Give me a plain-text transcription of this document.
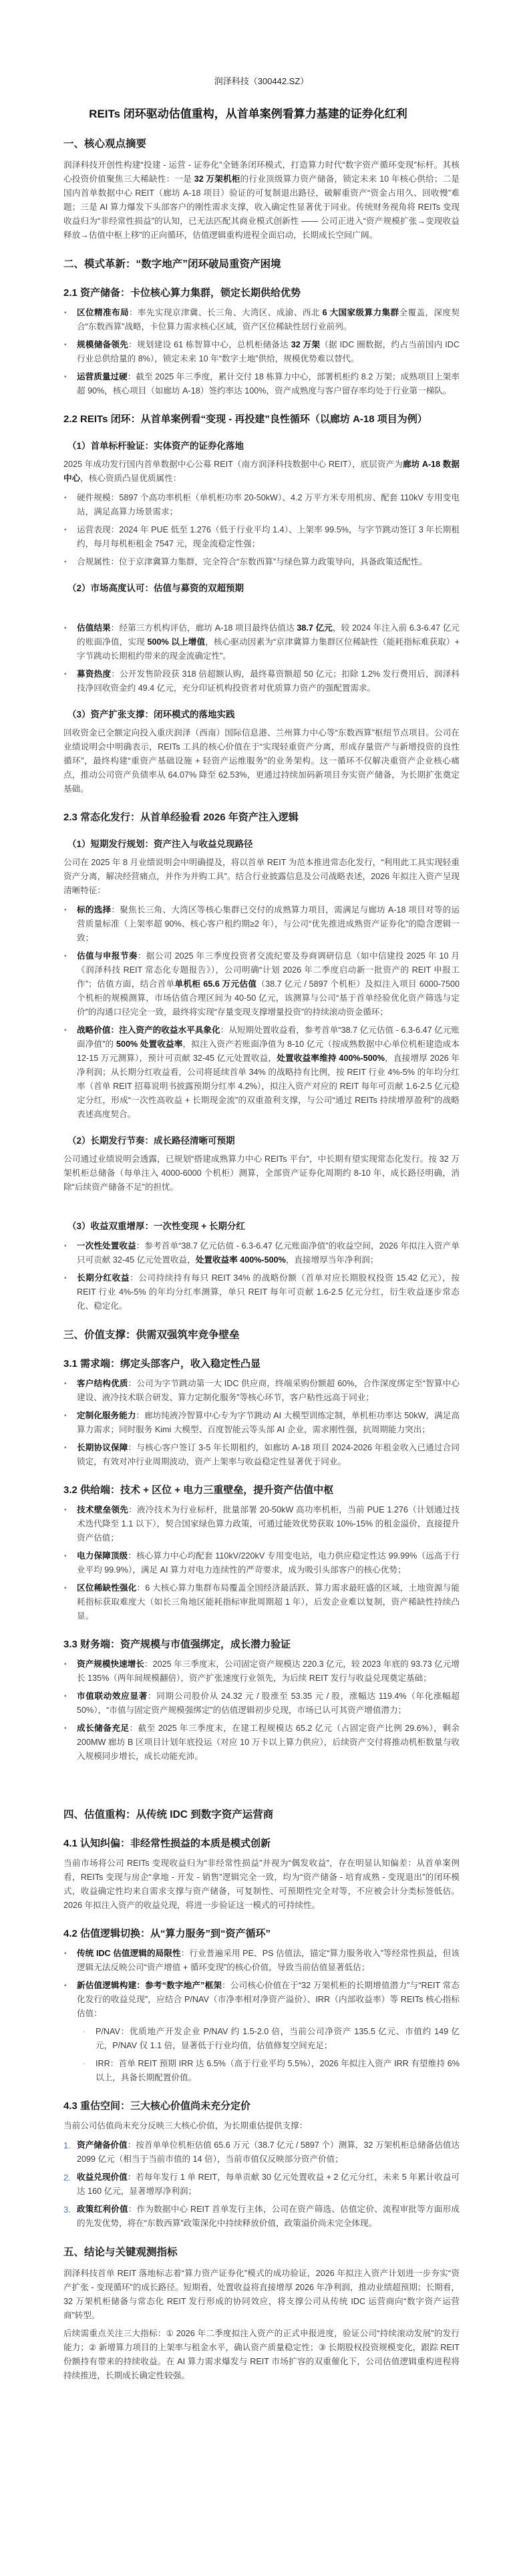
润泽科技（300442.SZ）
REITs 闭环驱动估值重构，从首单案例看算力基建的证券化红利
一、核心观点摘要
润泽科技开创性构建“投建 - 运营 - 证券化”全链条闭环模式，打造算力时代“数字资产循环变现”标杆。其核心投资价值聚焦三大稀缺性：一是 32 万架机柜的行业顶级算力资产储备，锁定未来 10 年核心供给；二是国内首单数据中心 REIT（廊坊 A-18 项目）验证的可复制退出路径，破解重资产“资金占用久、回收慢”难题；三是 AI 算力爆发下头部客户的刚性需求支撑，收入确定性显著优于同业。传统财务视角将 REITs 变现收益归为“非经常性损益”的认知，已无法匹配其商业模式创新性 —— 公司正进入“资产规模扩张→变现收益释放→估值中枢上移”的正向循环，估值逻辑重构进程全面启动，长期成长空间广阔。
二、模式革新：“数字地产”闭环破局重资产困境
2.1 资产储备：卡位核心算力集群，锁定长期供给优势
• 区位精准布局：率先实现京津冀、长三角、大湾区、成渝、西北 6 大国家级算力集群全覆盖，深度契合“东数西算”战略，卡位算力需求核心区域，资产区位稀缺性居行业前列。
• 规模储备领先：规划建设 61 栋智算中心，总机柜储备达 32 万架（据 IDC 圈数据，约占当前国内 IDC 行业总供给量的 8%），锁定未来 10 年“数字土地”供给，规模优势难以替代。
• 运营质量过硬：截至 2025 年三季度，累计交付 18 栋算力中心，部署机柜约 8.2 万架；成熟项目上架率超 90%，核心项目（如廊坊 A-18）签约率达 100%，资产成熟度与客户留存率均处于行业第一梯队。
2.2 REITs 闭环：从首单案例看“变现 - 再投建”良性循环（以廊坊 A-18 项目为例）
（1）首单标杆验证：实体资产的证券化落地
2025 年成功发行国内首单数据中心公募 REIT（南方润泽科技数据中心 REIT），底层资产为廊坊 A-18 数据中心，核心资质凸显优质属性：
• 硬件规模：5897 个高功率机柜（单机柜功率 20-50kW）、4.2 万平方米专用机房、配套 110kV 专用变电站，满足高算力场景需求；
• 运营表现：2024 年 PUE 低至 1.276（低于行业平均 1.4）、上架率 99.5%，与字节跳动签订 3 年长期租约，每月每机柜租金 7547 元，现金流稳定性强；
• 合规属性：位于京津冀算力集群，完全符合“东数西算”与绿色算力政策导向，具备政策适配性。
（2）市场高度认可：估值与募资的双超预期
• 估值结果：经第三方机构评估，廊坊 A-18 项目最终估值达 38.7 亿元，较 2024 年注入前 6.3-6.47 亿元的账面净值，实现 500% 以上增值，核心驱动因素为“京津冀算力集群区位稀缺性（能耗指标难获取）+ 字节跳动长期租约带来的现金流确定性”。
• 募资热度：公开发售阶段获 318 倍超额认购，最终募资额超 50 亿元；扣除 1.2% 发行费用后，润泽科技净回收资金约 49.4 亿元，充分印证机构投资者对优质算力资产的强配置需求。
（3）资产扩张支撑：闭环模式的落地实践
回收资金已全额定向投入重庆润泽（西南）国际信息港、兰州算力中心等“东数西算”枢纽节点项目。公司在业绩说明会中明确表示，REITs 工具的核心价值在于“实现轻重资产分离，形成存量资产与新增投资的良性循环”，最终构建“重资产基础设施 + 轻资产运维服务”的业务架构。这一循环不仅解决重资产企业核心痛点，推动公司资产负债率从 64.07% 降至 62.53%，更通过持续加码新项目夯实资产储备，为长期扩张奠定基础。
2.3 常态化发行：从首单经验看 2026 年资产注入逻辑
（1）短期发行规划：资产注入与收益兑现路径
公司在 2025 年 8 月业绩说明会中明确提及，将以首单 REIT 为范本推进常态化发行，“利用此工具实现轻重资产分离，解决经营痛点，并作为并购工具”。结合行业披露信息及公司战略表述，2026 年拟注入资产呈现清晰特征：
• 标的选择：聚焦长三角、大湾区等核心集群已交付的成熟算力项目，需满足与廊坊 A-18 项目对等的运营质量标准（上架率超 90%、核心客户租约期≥2 年），与公司“优先推进成熟资产证券化”的隐含逻辑一致；
• 估值与申报节奏：据公司 2025 年三季度投资者交流纪要及券商调研信息（如中信建投 2025 年 10 月《润泽科技 REIT 常态化专题报告》），公司明确“计划 2026 年二季度启动新一批资产的 REIT 申报工作”；估值方面，结合首单单机柜 65.6 万元估值（38.7 亿元 / 5897 个机柜）及拟注入项目 6000-7500 个机柜的规模测算，市场估值合理区间为 40-50 亿元，该测算与公司“基于首单经验优化资产筛选与定价”的沟通口径完全一致，最终将实现“存量变现支撑增量投资”的持续滚动资金循环；
• 战略价值：注入资产的收益水平具象化：从短期处置收益看，参考首单“38.7 亿元估值 - 6.3-6.47 亿元账面净值”的 500% 处置收益率，拟注入资产若账面净值为 8-10 亿元（按成熟数据中心单位机柜建造成本 12-15 万元测算），预计可贡献 32-45 亿元处置收益，处置收益率维持 400%-500%，直接增厚 2026 年净利润；从长期分红收益看，公司将延续首单 34% 的战略持有比例，按 REIT 行业 4%-5% 的年均分红率（首单 REIT 招募说明书披露预期分红率 4.2%），拟注入资产对应的 REIT 每年可贡献 1.6-2.5 亿元稳定分红，形成“一次性高收益 + 长期现金流”的双重盈利支撑，与公司“通过 REITs 持续增厚盈利”的战略表述高度契合。
（2）长期发行节奏：成长路径清晰可预期
公司通过业绩说明会透露，已规划“搭建成熟算力中心 REITs 平台”，中长期有望实现常态化发行。按 32 万架机柜总储备（每单注入 4000-6000 个机柜）测算，全部资产证券化周期约 8-10 年，成长路径明确，消除“后续资产储备不足”的担忧。
（3）收益双重增厚：一次性变现 + 长期分红
• 一次性处置收益：参考首单“38.7 亿元估值 - 6.3-6.47 亿元账面净值”的收益空间，2026 年拟注入资产单只可贡献 32-45 亿元处置收益，处置收益率 400%-500%，直接增厚当年净利润；
• 长期分红收益：公司持续持有每只 REIT 34% 的战略份额（首单对应长期股权投资 15.42 亿元），按 REIT 行业 4%-5% 的年均分红率测算，单只 REIT 每年可贡献 1.6-2.5 亿元分红，衍生收益逐步常态化、稳定化。
三、价值支撑：供需双强筑牢竞争壁垒
3.1 需求端：绑定头部客户，收入稳定性凸显
• 客户结构优质：公司为字节跳动第一大 IDC 供应商，终端采购份额超 60%，合作深度绑定至“智算中心建设、液冷技术联合研发、算力定制化服务”等核心环节，客户粘性远高于同业；
• 定制化服务能力：廊坊纯液冷智算中心专为字节跳动 AI 大模型训练定制，单机柜功率达 50kW，满足高算力需求；同时服务 Kimi 大模型、百度智能云等头部 AI 企业，需求刚性强，抗周期能力突出；
• 长期协议保障：与核心客户签订 3-5 年长期租约，如廊坊 A-18 项目 2024-2026 年租金收入已通过合同锁定，有效对冲行业周期波动，资产上架率与收益稳定性显著优于同业。
3.2 供给端：技术 + 区位 + 电力三重壁垒，提升资产估值中枢
• 技术壁垒领先：液冷技术为行业标杆，批量部署 20-50kW 高功率机柜，当前 PUE 1.276（计划通过技术迭代降至 1.1 以下），契合国家绿色算力政策，可通过能效优势获取 10%-15% 的租金溢价，直接提升资产估值；
• 电力保障顶级：核心算力中心均配套 110kV/220kV 专用变电站，电力供应稳定性达 99.99%（远高于行业平均 99.9%），满足 AI 算力对电力连续性的严苛要求，成为吸引头部客户的核心优势；
• 区位稀缺性强化：6 大核心算力集群布局覆盖全国经济最活跃、算力需求最旺盛的区域，土地资源与能耗指标获取难度大（如长三角地区能耗指标审批周期超 1 年），后发企业难以复制，资产稀缺性持续凸显。
3.3 财务端：资产规模与市值强绑定，成长潜力验证
• 资产规模快速增长：2025 年三季度末，公司固定资产规模达 220.3 亿元，较 2023 年底的 93.73 亿元增长 135%（两年间规模翻倍），资产扩张速度行业领先，为后续 REIT 发行与收益兑现奠定基础；
• 市值联动效应显著：同期公司股价从 24.32 元 / 股涨至 53.35 元 / 股，涨幅达 119.4%（年化涨幅超 50%），“市值与固定资产规模强绑定”的估值逻辑初步兑现，市场已认可其资产增值潜力；
• 成长储备充足：截至 2025 年三季度末，在建工程规模达 65.2 亿元（占固定资产比例 29.6%），剩余 200MW 廊坊 B 区项目计划年底投运（对应 10 万卡以上算力供应），后续资产交付将推动机柜数量与收入规模同步增长，成长动能充沛。
四、估值重构：从传统 IDC 到数字资产运营商
4.1 认知纠偏：非经常性损益的本质是模式创新
当前市场将公司 REITs 变现收益归为“非经常性损益”并视为“偶发收益”，存在明显认知偏差：从首单案例看，REITs 变现与房企“拿地 - 开发 - 销售”逻辑完全一致，均为“资产储备 - 培育成熟 - 变现退出”的闭环模式，收益确定性均来自需求支撑与资产储备，可复制性、可预期性完全对等，不应被会计分类标签低估。2026 年拟注入资产的收益兑现，将进一步验证这一模式的可持续性。
4.2 估值逻辑切换：从“算力服务”到“资产循环”
• 传统 IDC 估值逻辑的局限性：行业普遍采用 PE、PS 估值法，锚定“算力服务收入”等经常性损益，但该逻辑无法反映公司“资产增值 + 循环变现”的核心价值，导致当前估值显著低估；
• 新估值逻辑构建：参考“数字地产”框架：公司核心价值在于“32 万架机柜的长期增值潜力”与“REIT 常态化发行的收益兑现”，应结合 P/NAV（市净率相对净资产溢价）、IRR（内部收益率）等 REITs 核心指标估值：
◦ P/NAV：优质地产开发企业 P/NAV 约 1.5-2.0 倍，当前公司净资产 135.5 亿元、市值约 149 亿元，P/NAV 仅 1.1 倍，显著低于行业均值，估值修复空间充足；
◦ IRR：首单 REIT 预期 IRR 达 6.5%（高于行业平均 5.5%），2026 年拟注入资产 IRR 有望维持 6% 以上，具备长期配置价值。
4.3 重估空间：三大核心价值尚未充分定价
当前公司估值尚未充分反映三大核心价值，为长期重估提供支撑：
1. 资产储备价值：按首单单位机柜估值 65.6 万元（38.7 亿元 / 5897 个）测算，32 万架机柜总储备估值达 2099 亿元（相当于当前市值的 14 倍），当前市值仅反映部分资产价值；
2. 收益兑现价值：若每年发行 1 单 REIT，每单贡献 30 亿元处置收益 + 2 亿元分红，未来 5 年累计收益可达 160 亿元，显著增厚净利润；
3. 政策红利价值：作为数据中心 REIT 首单发行主体，公司在资产筛选、估值定价、流程审批等方面形成的先发优势，将在“东数西算”政策深化中持续释放价值，政策溢价尚未完全体现。
五、结论与关键观测指标
润泽科技首单 REIT 落地标志着“算力资产证券化”模式的成功验证，2026 年拟注入资产计划进一步夯实“资产扩张 - 变现循环”的成长路径。短期看，处置收益将直接增厚 2026 年净利润，推动业绩超预期；长期看，32 万架机柜储备与常态化 REIT 发行形成的协同效应，将支撑公司从传统 IDC 运营商向“数字资产运营商”转型。
后续需重点关注三大指标：① 2026 年二季度拟注入资产的正式申报进度，验证公司“持续滚动发展”的发行能力；② 新增算力项目的上架率与租金水平，确认资产质量稳定性；③ 长期股权投资规模变化，跟踪 REIT 份额持有带来的持续收益。在 AI 算力需求爆发与 REIT 市场扩容的双重催化下，公司估值逻辑重构进程将持续推进，长期成长确定性较强。
